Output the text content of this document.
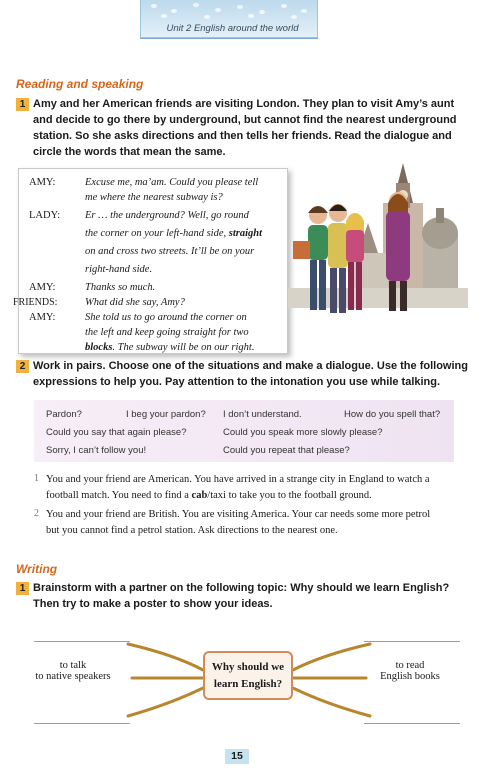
Unit 2 English around the world
Reading and speaking
1 Amy and her American friends are visiting London. They plan to visit Amy’s aunt
and decide to go there by underground, but cannot find the nearest underground
station. So she asks directions and then tells her friends. Read the dialogue and
circle the words that mean the same.
AMY:	Excuse me, ma’am. Could you please tell
me where the nearest subway is?
LADY: Er … the underground? Well, go round
the corner on your left-hand side, straight
on and cross two streets. It’ll be on your
right-hand side.
AMY:	Thanks so much.
FRIENDS:	What did she say, Amy?
AMY:	She told us to go around the corner on
the left and keep going straight for two
blocks. The subway will be on our right.
2 Work in pairs. Choose one of the situations and make a dialogue. Use the following
expressions to help you. Pay attention to the intonation you use while talking.
Pardon?	I beg your pardon? I don’t understand.	How do you spell that?
Could you say that again please?	Could you speak more slowly please?
Sorry, I can’t follow you!	Could you repeat that please?
1 You and your friend are American. You have arrived in a strange city in England to watch a
football match. You need to find a cab/taxi to take you to the football ground.
2 You and your friend are British. You are visiting America. Your car needs some more petrol
but you cannot find a petrol station. Ask directions to the nearest one.
Writing
1 Brainstorm with a partner on the following topic: Why should we learn English?
Then try to make a poster to show your ideas.
to talk
to native speakers
to read
English books
Why should we
learn English?
15
